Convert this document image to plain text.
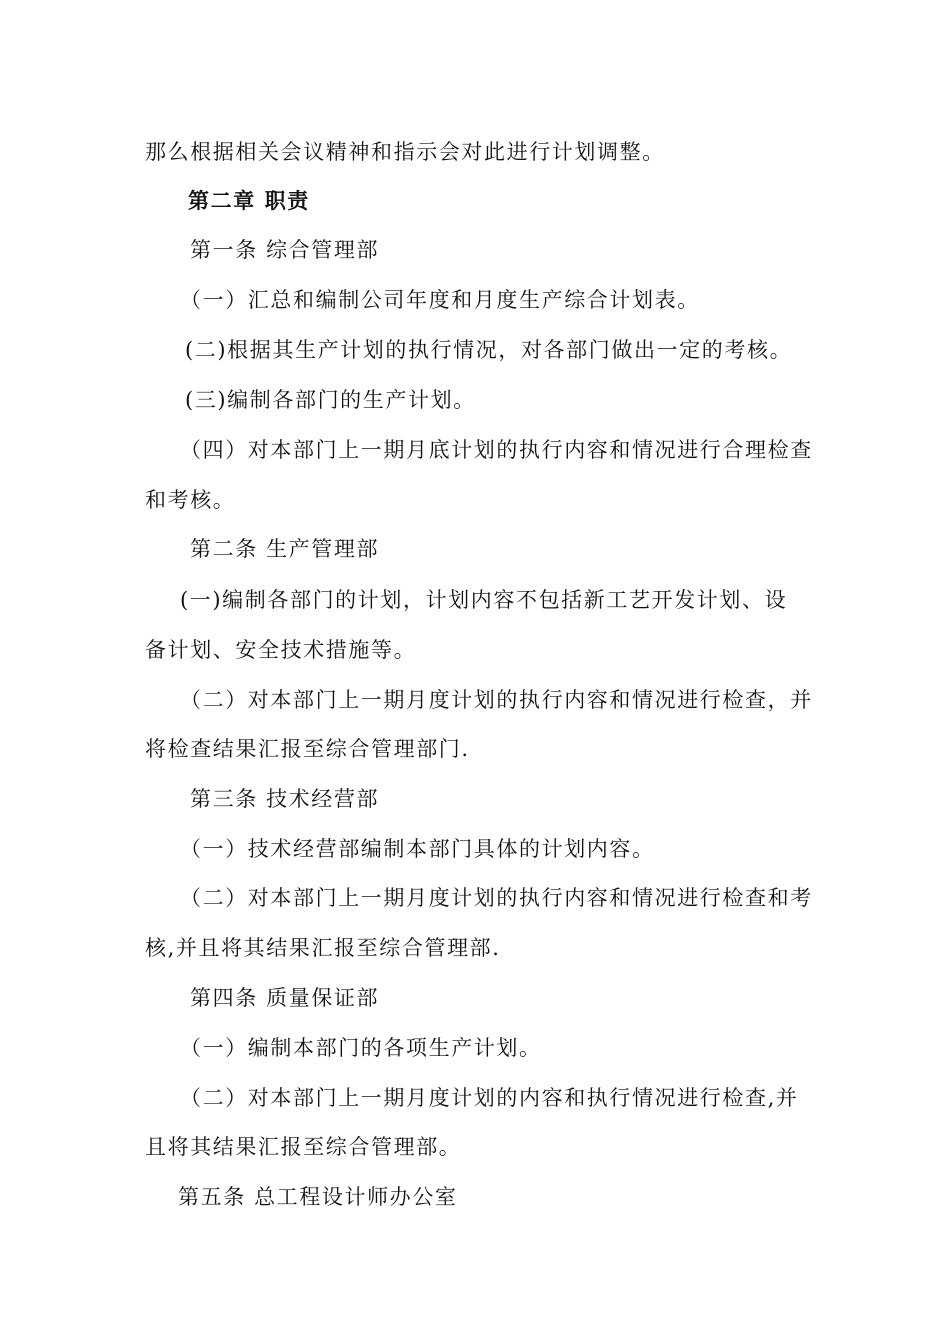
那么根据相关会议精神和指示会对此进行计划调整。
第二章 职责
第一条 综合管理部
（一）汇总和编制公司年度和月度生产综合计划表。
(二)根据其生产计划的执行情况，对各部门做出一定的考核。
(三)编制各部门的生产计划。
（四）对本部门上一期月底计划的执行内容和情况进行合理检查
和考核。
第二条 生产管理部
(一)编制各部门的计划，计划内容不包括新工艺开发计划、设
备计划、安全技术措施等。
（二）对本部门上一期月度计划的执行内容和情况进行检查，并
将检查结果汇报至综合管理部门.
第三条 技术经营部
（一）技术经营部编制本部门具体的计划内容。
（二）对本部门上一期月度计划的执行内容和情况进行检查和考
核,并且将其结果汇报至综合管理部.
第四条 质量保证部
（一）编制本部门的各项生产计划。
（二）对本部门上一期月度计划的内容和执行情况进行检查,并
且将其结果汇报至综合管理部。
第五条 总工程设计师办公室
